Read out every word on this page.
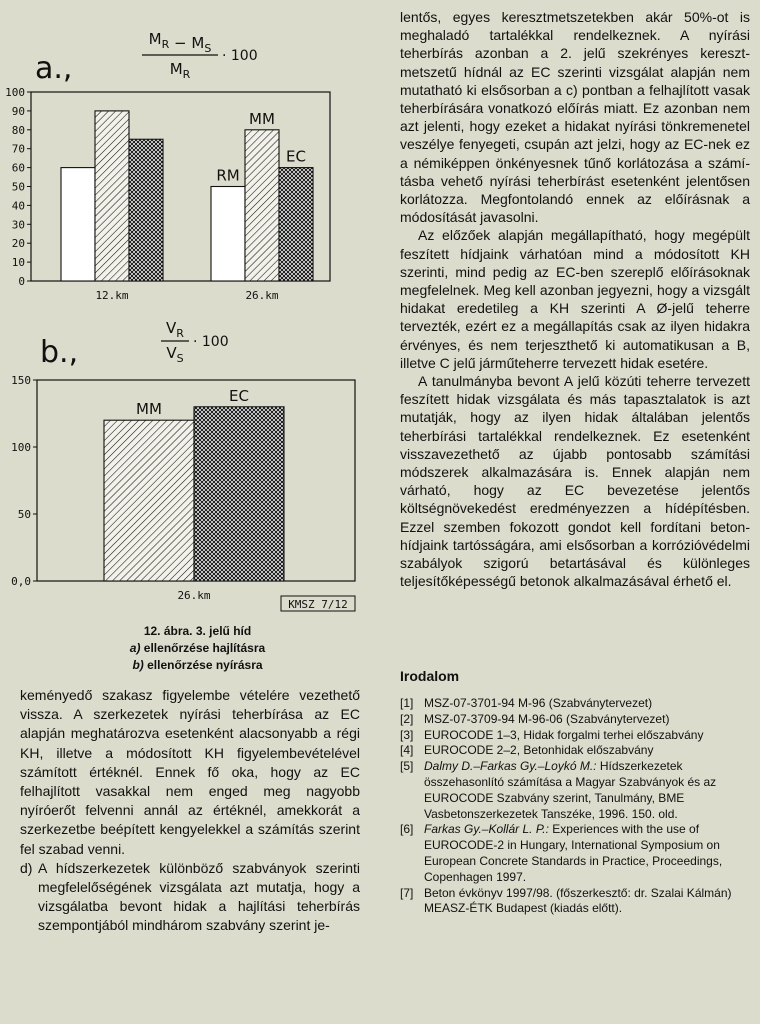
a.,
$M_R - M_S$
$M_R$
· 100
0
10
20
30
40
50
60
70
80
90
100
12.km	26.km
RM
MM
EC
b.,
$V_R$
$V_S$
· 100
0,0
50
100
150
26.km
MM
EC
KMSZ 7/12
12. ábra. 3. jelű híd
a) ellenőrzése hajlításra
b) ellenőrzése nyírásra

keményedő szakasz figyelembe vételére vezethető vissza. A szerkezetek nyírási teherbírása az EC alapján meghatározva esetenként alacsonyabb a régi KH, illetve a módosított KH figyelembevételével számított értéknél. Ennek fő oka, hogy az EC felhajlított vasakkal nem enged meg nagyobb nyíróerőt felvenni annál az értéknél, amekkorát a szerkezetbe beépített kengyelekkel a számítás szerint fel szabad venni.

d) A hídszerkezetek különböző szabványok szerinti megfelelőségének vizsgálata azt mutatja, hogy a vizsgálatba bevont hidak a hajlítási teherbírás szempontjából mindhárom szabvány szerint je-

lentős, egyes keresztmetszetekben akár 50%-ot is meghaladó tartalékkal rendelkeznek. A nyírási teherbírás azonban a 2. jelű szekrényes keresztmetszetű hídnál az EC szerinti vizsgálat alapján nem mutatható ki elsősorban a c) pontban a felhajlított vasak teherbírására vonatkozó előírás miatt. Ez azonban nem azt jelenti, hogy ezeket a hidakat nyírási tönkremenetel veszélye fenyegeti, csupán azt jelzi, hogy az EC-nek ez a némiképpen önkényesnek tűnő korlátozása a számításba vehető nyírási teherbírást esetenként jelentősen korlátozza. Megfontolandó ennek az előírásnak a módosítását javasolni.

Az előzőek alapján megállapítható, hogy megépült feszített hídjaink várhatóan mind a módosított KH szerinti, mind pedig az EC-ben szereplő előírásoknak megfelelnek. Meg kell azonban jegyezni, hogy a vizsgált hidakat eredetileg a KH szerinti A Ø-jelű teherre tervezték, ezért ez a megállapítás csak az ilyen hidakra érvényes, és nem terjeszthető ki automatikusan a B, illetve C jelű járműteherre tervezett hidak esetére.

A tanulmányba bevont A jelű közúti teherre tervezett feszített hidak vizsgálata és más tapasztalatok is azt mutatják, hogy az ilyen hidak általában jelentős teherbírási tartalékkal rendelkeznek. Ez esetenként visszavezethető az újabb pontosabb számítási módszerek alkalmazására is. Ennek alapján nem várható, hogy az EC bevezetése jelentős költségnövekedést eredményezzen a hídépítésben. Ezzel szemben fokozott gondot kell fordítani betonhídjaink tartósságára, ami elsősorban a korrózióvédelmi szabályok szigorú betartásával és különleges teljesítőképességű betonok alkalmazásával érhető el.

Irodalom
[1] MSZ-07-3701-94 M-96 (Szabványtervezet)
[2] MSZ-07-3709-94 M-96-06 (Szabványtervezet)
[3] EUROCODE 1–3, Hidak forgalmi terhei előszabvány
[4] EUROCODE 2–2, Betonhidak előszabvány
[5] Dalmy D.–Farkas Gy.–Loykó M.: Hídszerkezetek összehasonlító számítása a Magyar Szabványok és az EUROCODE Szabvány szerint, Tanulmány, BME Vasbetonszerkezetek Tanszéke, 1996. 150. old.
[6] Farkas Gy.–Kollár L. P.: Experiences with the use of EUROCODE-2 in Hungary, International Symposium on European Concrete Standards in Practice, Proceedings, Copenhagen 1997.
[7] Beton évkönyv 1997/98. (főszerkesztő: dr. Szalai Kálmán) MEASZ-ÉTK Budapest (kiadás előtt).
